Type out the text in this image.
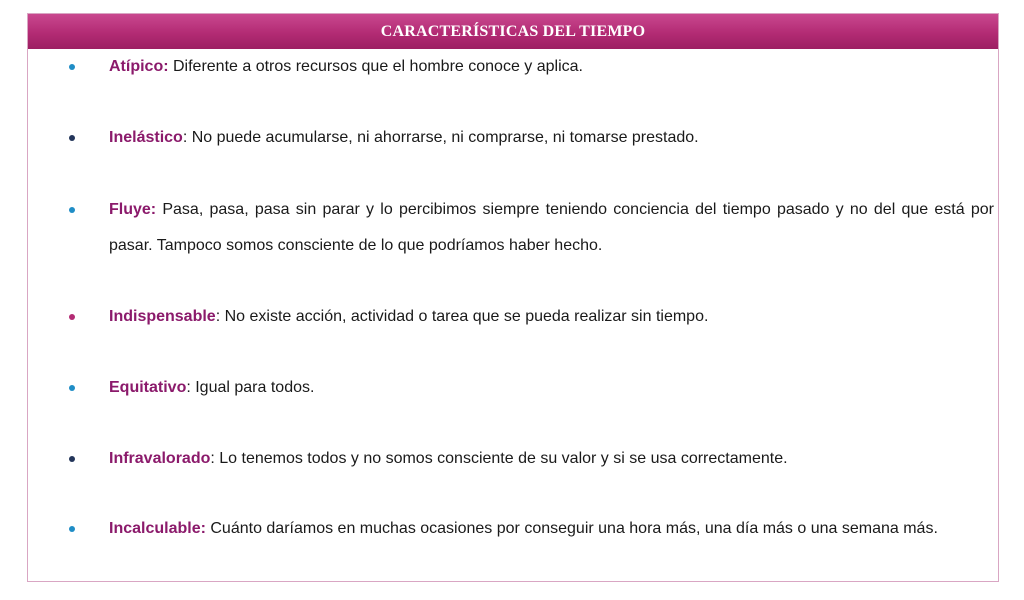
CARACTERÍSTICAS DEL TIEMPO
Atípico: Diferente a otros recursos que el hombre conoce y aplica.
Inelástico: No puede acumularse, ni ahorrarse, ni comprarse, ni tomarse prestado.
Fluye: Pasa, pasa, pasa sin parar y lo percibimos siempre teniendo conciencia del tiempo pasado y no del que está por pasar. Tampoco somos consciente de lo que podríamos haber hecho.
Indispensable: No existe acción, actividad o tarea que se pueda realizar sin tiempo.
Equitativo: Igual para todos.
Infravalorado: Lo tenemos todos y no somos consciente de su valor y si se usa correctamente.
Incalculable: Cuánto daríamos en muchas ocasiones por conseguir una hora más, una día más o una semana más.
